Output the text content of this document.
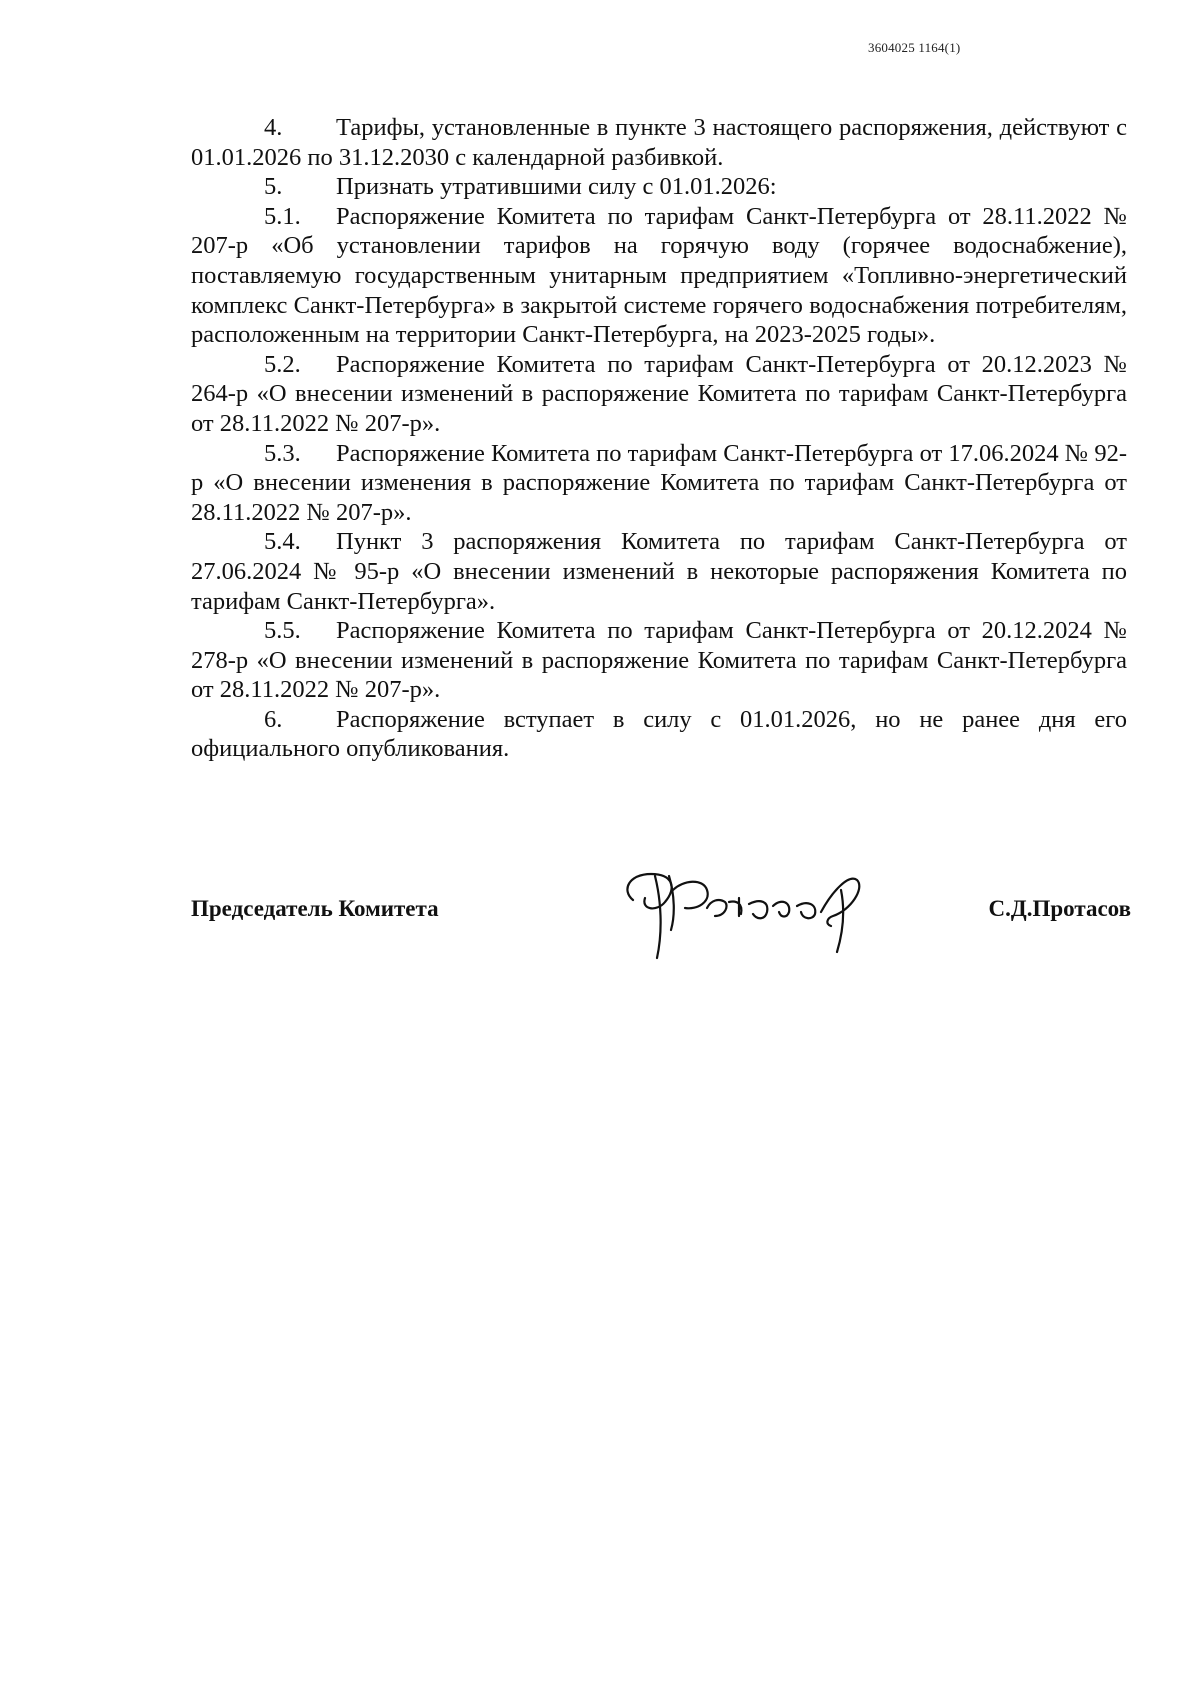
3604025 1164(1)

4. Тарифы, установленные в пункте 3 настоящего распоряжения, действуют с 01.01.2026 по 31.12.2030 с календарной разбивкой.

5. Признать утратившими силу с 01.01.2026:

5.1. Распоряжение Комитета по тарифам Санкт-Петербурга от 28.11.2022 № 207-р «Об установлении тарифов на горячую воду (горячее водоснабжение), поставляемую государственным унитарным предприятием «Топливно-энергетический комплекс Санкт-Петербурга» в закрытой системе горячего водоснабжения потребителям, расположенным на территории Санкт-Петербурга, на 2023-2025 годы».

5.2. Распоряжение Комитета по тарифам Санкт-Петербурга от 20.12.2023 № 264-р «О внесении изменений в распоряжение Комитета по тарифам Санкт-Петербурга от 28.11.2022 № 207-р».

5.3. Распоряжение Комитета по тарифам Санкт-Петербурга от 17.06.2024 № 92-р «О внесении изменения в распоряжение Комитета по тарифам Санкт-Петербурга от 28.11.2022 № 207-р».

5.4. Пункт 3 распоряжения Комитета по тарифам Санкт-Петербурга от 27.06.2024 № 95-р «О внесении изменений в некоторые распоряжения Комитета по тарифам Санкт-Петербурга».

5.5. Распоряжение Комитета по тарифам Санкт-Петербурга от 20.12.2024 № 278-р «О внесении изменений в распоряжение Комитета по тарифам Санкт-Петербурга от 28.11.2022 № 207-р».

6. Распоряжение вступает в силу с 01.01.2026, но не ранее дня его официального опубликования.

Председатель Комитета	С.Д.Протасов
